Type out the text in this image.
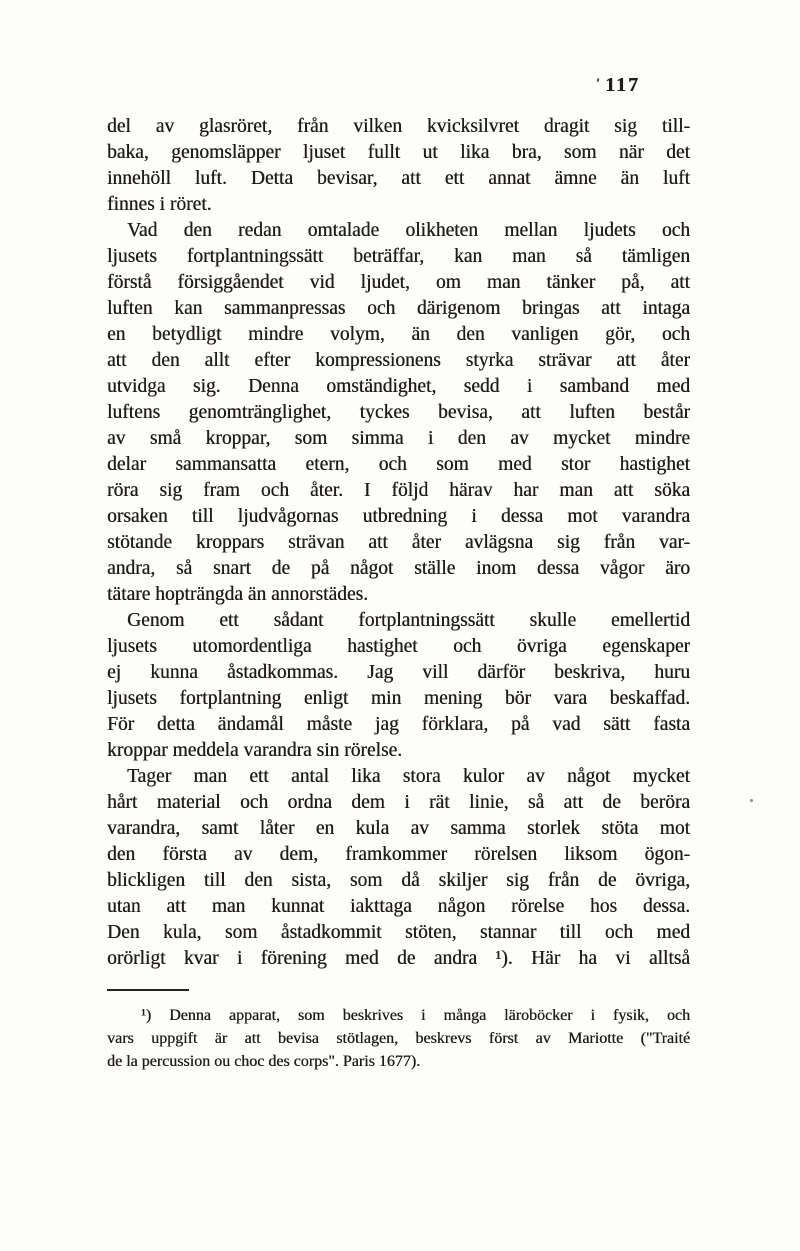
117
del av glasröret, från vilken kvicksilvret dragit sig till-
baka, genomsläpper ljuset fullt ut lika bra, som när det
innehöll luft. Detta bevisar, att ett annat ämne än luft
finnes i röret.
Vad den redan omtalade olikheten mellan ljudets och
ljusets fortplantningssätt beträffar, kan man så tämligen
förstå försiggåendet vid ljudet, om man tänker på, att
luften kan sammanpressas och därigenom bringas att intaga
en betydligt mindre volym, än den vanligen gör, och
att den allt efter kompressionens styrka strävar att åter
utvidga sig. Denna omständighet, sedd i samband med
luftens genomtränglighet, tyckes bevisa, att luften består
av små kroppar, som simma i den av mycket mindre
delar sammansatta etern, och som med stor hastighet
röra sig fram och åter. I följd härav har man att söka
orsaken till ljudvågornas utbredning i dessa mot varandra
stötande kroppars strävan att åter avlägsna sig från var-
andra, så snart de på något ställe inom dessa vågor äro
tätare hopträngda än annorstädes.
Genom ett sådant fortplantningssätt skulle emellertid
ljusets utomordentliga hastighet och övriga egenskaper
ej kunna åstadkommas. Jag vill därför beskriva, huru
ljusets fortplantning enligt min mening bör vara beskaffad.
För detta ändamål måste jag förklara, på vad sätt fasta
kroppar meddela varandra sin rörelse.
Tager man ett antal lika stora kulor av något mycket
hårt material och ordna dem i rät linie, så att de beröra
varandra, samt låter en kula av samma storlek stöta mot
den första av dem, framkommer rörelsen liksom ögon-
blickligen till den sista, som då skiljer sig från de övriga,
utan att man kunnat iakttaga någon rörelse hos dessa.
Den kula, som åstadkommit stöten, stannar till och med
orörligt kvar i förening med de andra ¹). Här ha vi alltså
¹) Denna apparat, som beskrives i många läroböcker i fysik, och
vars uppgift är att bevisa stötlagen, beskrevs först av Mariotte ("Traité
de la percussion ou choc des corps". Paris 1677).
